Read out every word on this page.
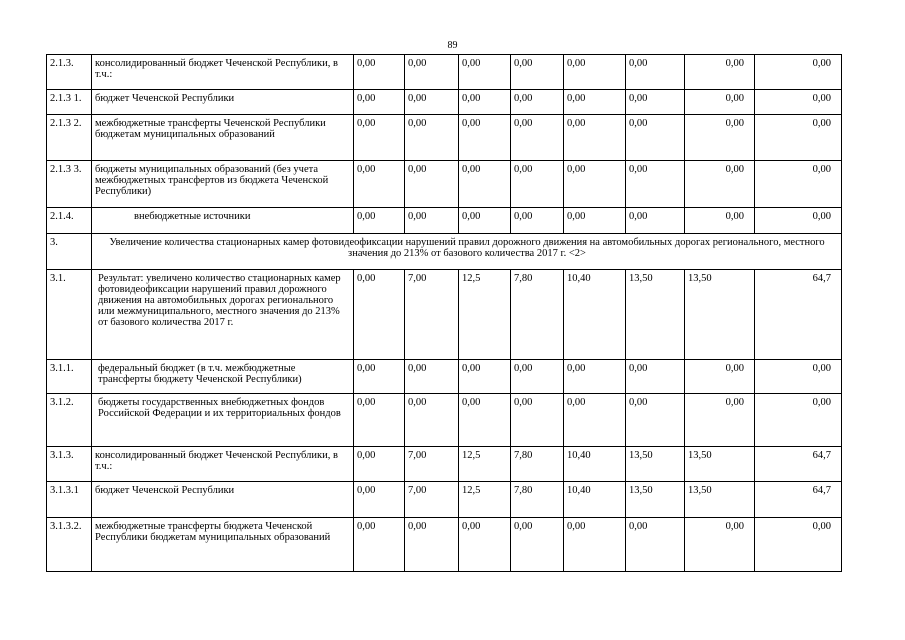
89
2.1.3.	консолидированный бюджет Чеченской Республики, в т.ч.:	0,00	0,00	0,00	0,00	0,00	0,00	0,00	0,00
2.1.3 1.	бюджет Чеченской Республики	0,00	0,00	0,00	0,00	0,00	0,00	0,00	0,00
2.1.3 2.	межбюджетные трансферты Чеченской Республики бюджетам муниципальных образований	0,00	0,00	0,00	0,00	0,00	0,00	0,00	0,00
2.1.3 3.	бюджеты муниципальных образований (без учета межбюджетных трансфертов из бюджета Чеченской Республики)	0,00	0,00	0,00	0,00	0,00	0,00	0,00	0,00
2.1.4.	внебюджетные источники	0,00	0,00	0,00	0,00	0,00	0,00	0,00	0,00
3.	Увеличение количества стационарных камер фотовидеофиксации нарушений правил дорожного движения на автомобильных дорогах регионального, местного значения до 213% от базового количества 2017 г. <2>								
3.1.	Результат: увеличено количество стационарных камер фотовидеофиксации нарушений правил дорожного движения на автомобильных дорогах регионального или межмуниципального, местного значения до 213% от базового количества 2017 г.	0,00	7,00	12,5	7,80	10,40	13,50	13,50	64,7
3.1.1.	федеральный бюджет (в т.ч. межбюджетные трансферты бюджету Чеченской Республики)	0,00	0,00	0,00	0,00	0,00	0,00	0,00	0,00
3.1.2.	бюджеты государственных внебюджетных фондов Российской Федерации и их территориальных фондов	0,00	0,00	0,00	0,00	0,00	0,00	0,00	0,00
3.1.3.	консолидированный бюджет Чеченской Республики, в т.ч.:	0,00	7,00	12,5	7,80	10,40	13,50	13,50	64,7
3.1.3.1	бюджет Чеченской Республики	0,00	7,00	12,5	7,80	10,40	13,50	13,50	64,7
3.1.3.2.	межбюджетные трансферты бюджета Чеченской Республики бюджетам муниципальных образований	0,00	0,00	0,00	0,00	0,00	0,00	0,00	0,00
